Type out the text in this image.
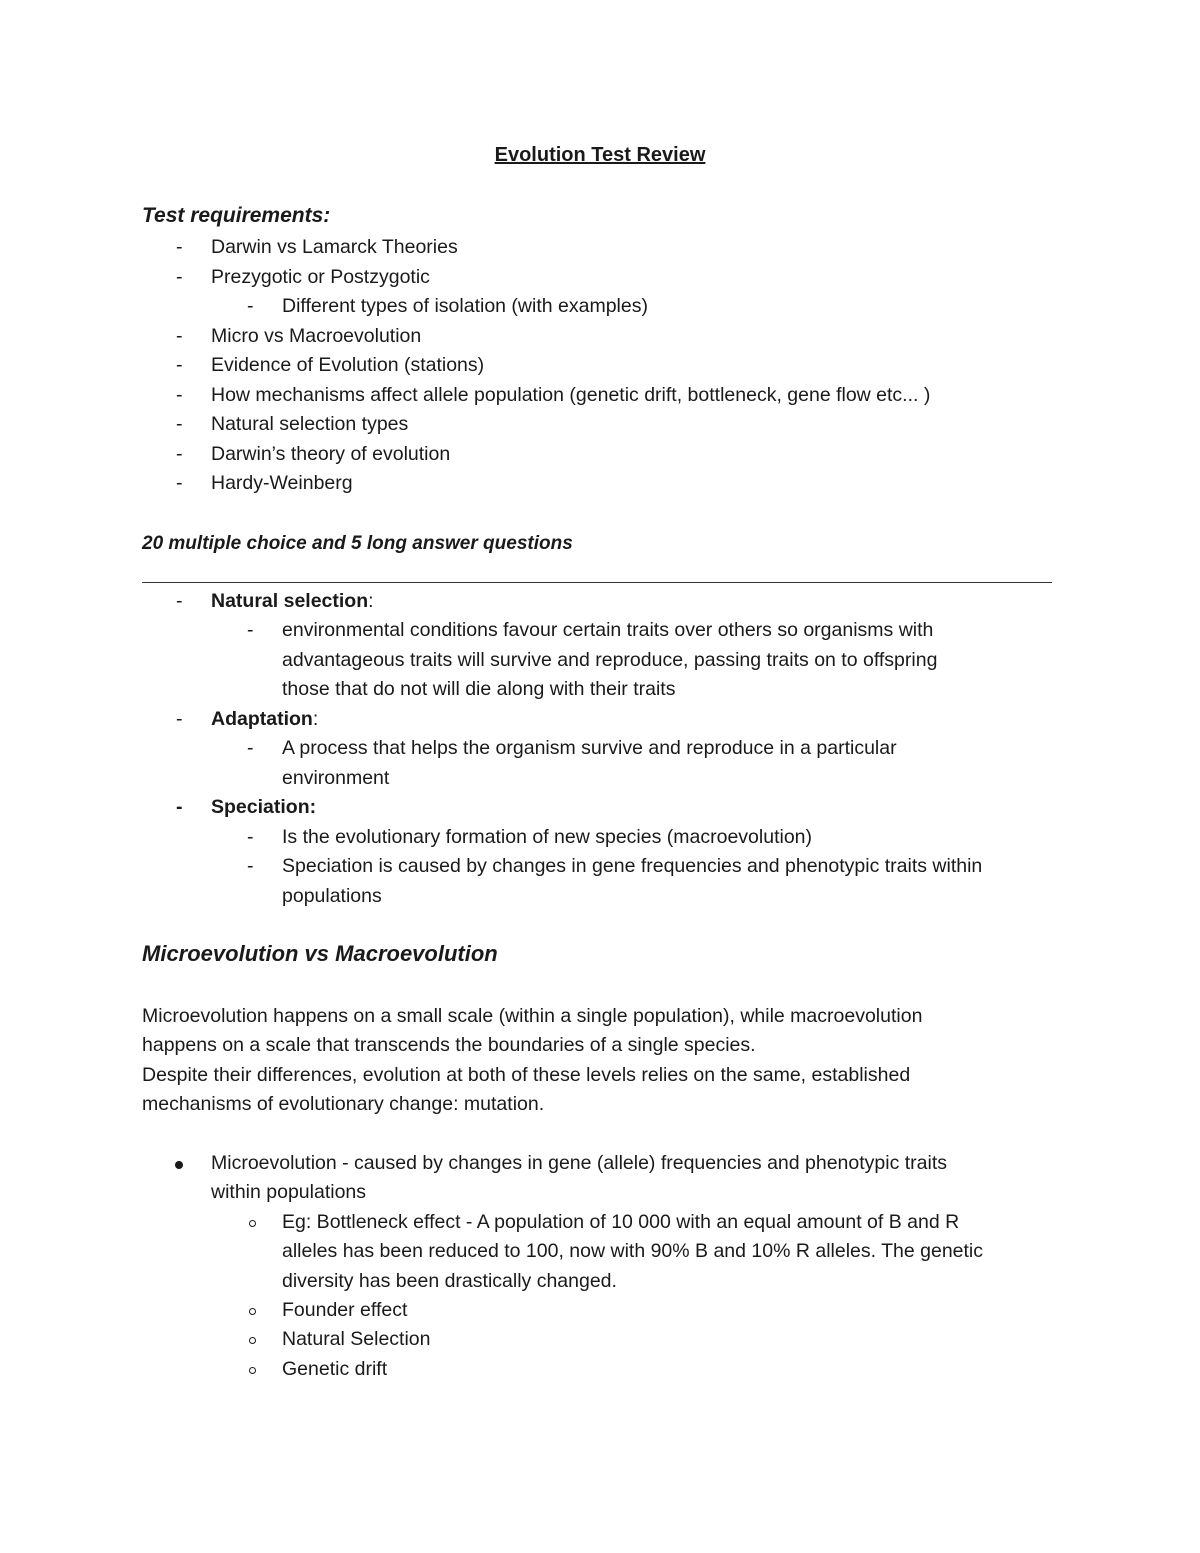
Evolution Test Review
Test requirements:
- Darwin vs Lamarck Theories
- Prezygotic or Postzygotic
- Different types of isolation (with examples)
- Micro vs Macroevolution
- Evidence of Evolution (stations)
- How mechanisms affect allele population (genetic drift, bottleneck, gene flow etc... )
- Natural selection types
- Darwin’s theory of evolution
- Hardy-Weinberg
20 multiple choice and 5 long answer questions
- Natural selection:
- environmental conditions favour certain traits over others so organisms with
advantageous traits will survive and reproduce, passing traits on to offspring
those that do not will die along with their traits
- Adaptation:
- A process that helps the organism survive and reproduce in a particular
environment
- Speciation:
- Is the evolutionary formation of new species (macroevolution)
- Speciation is caused by changes in gene frequencies and phenotypic traits within
populations
Microevolution vs Macroevolution
Microevolution happens on a small scale (within a single population), while macroevolution
happens on a scale that transcends the boundaries of a single species.
Despite their differences, evolution at both of these levels relies on the same, established
mechanisms of evolutionary change: mutation.
Microevolution - caused by changes in gene (allele) frequencies and phenotypic traits
within populations
Eg: Bottleneck effect - A population of 10 000 with an equal amount of B and R
alleles has been reduced to 100, now with 90% B and 10% R alleles. The genetic
diversity has been drastically changed.
Founder effect
Natural Selection
Genetic drift
